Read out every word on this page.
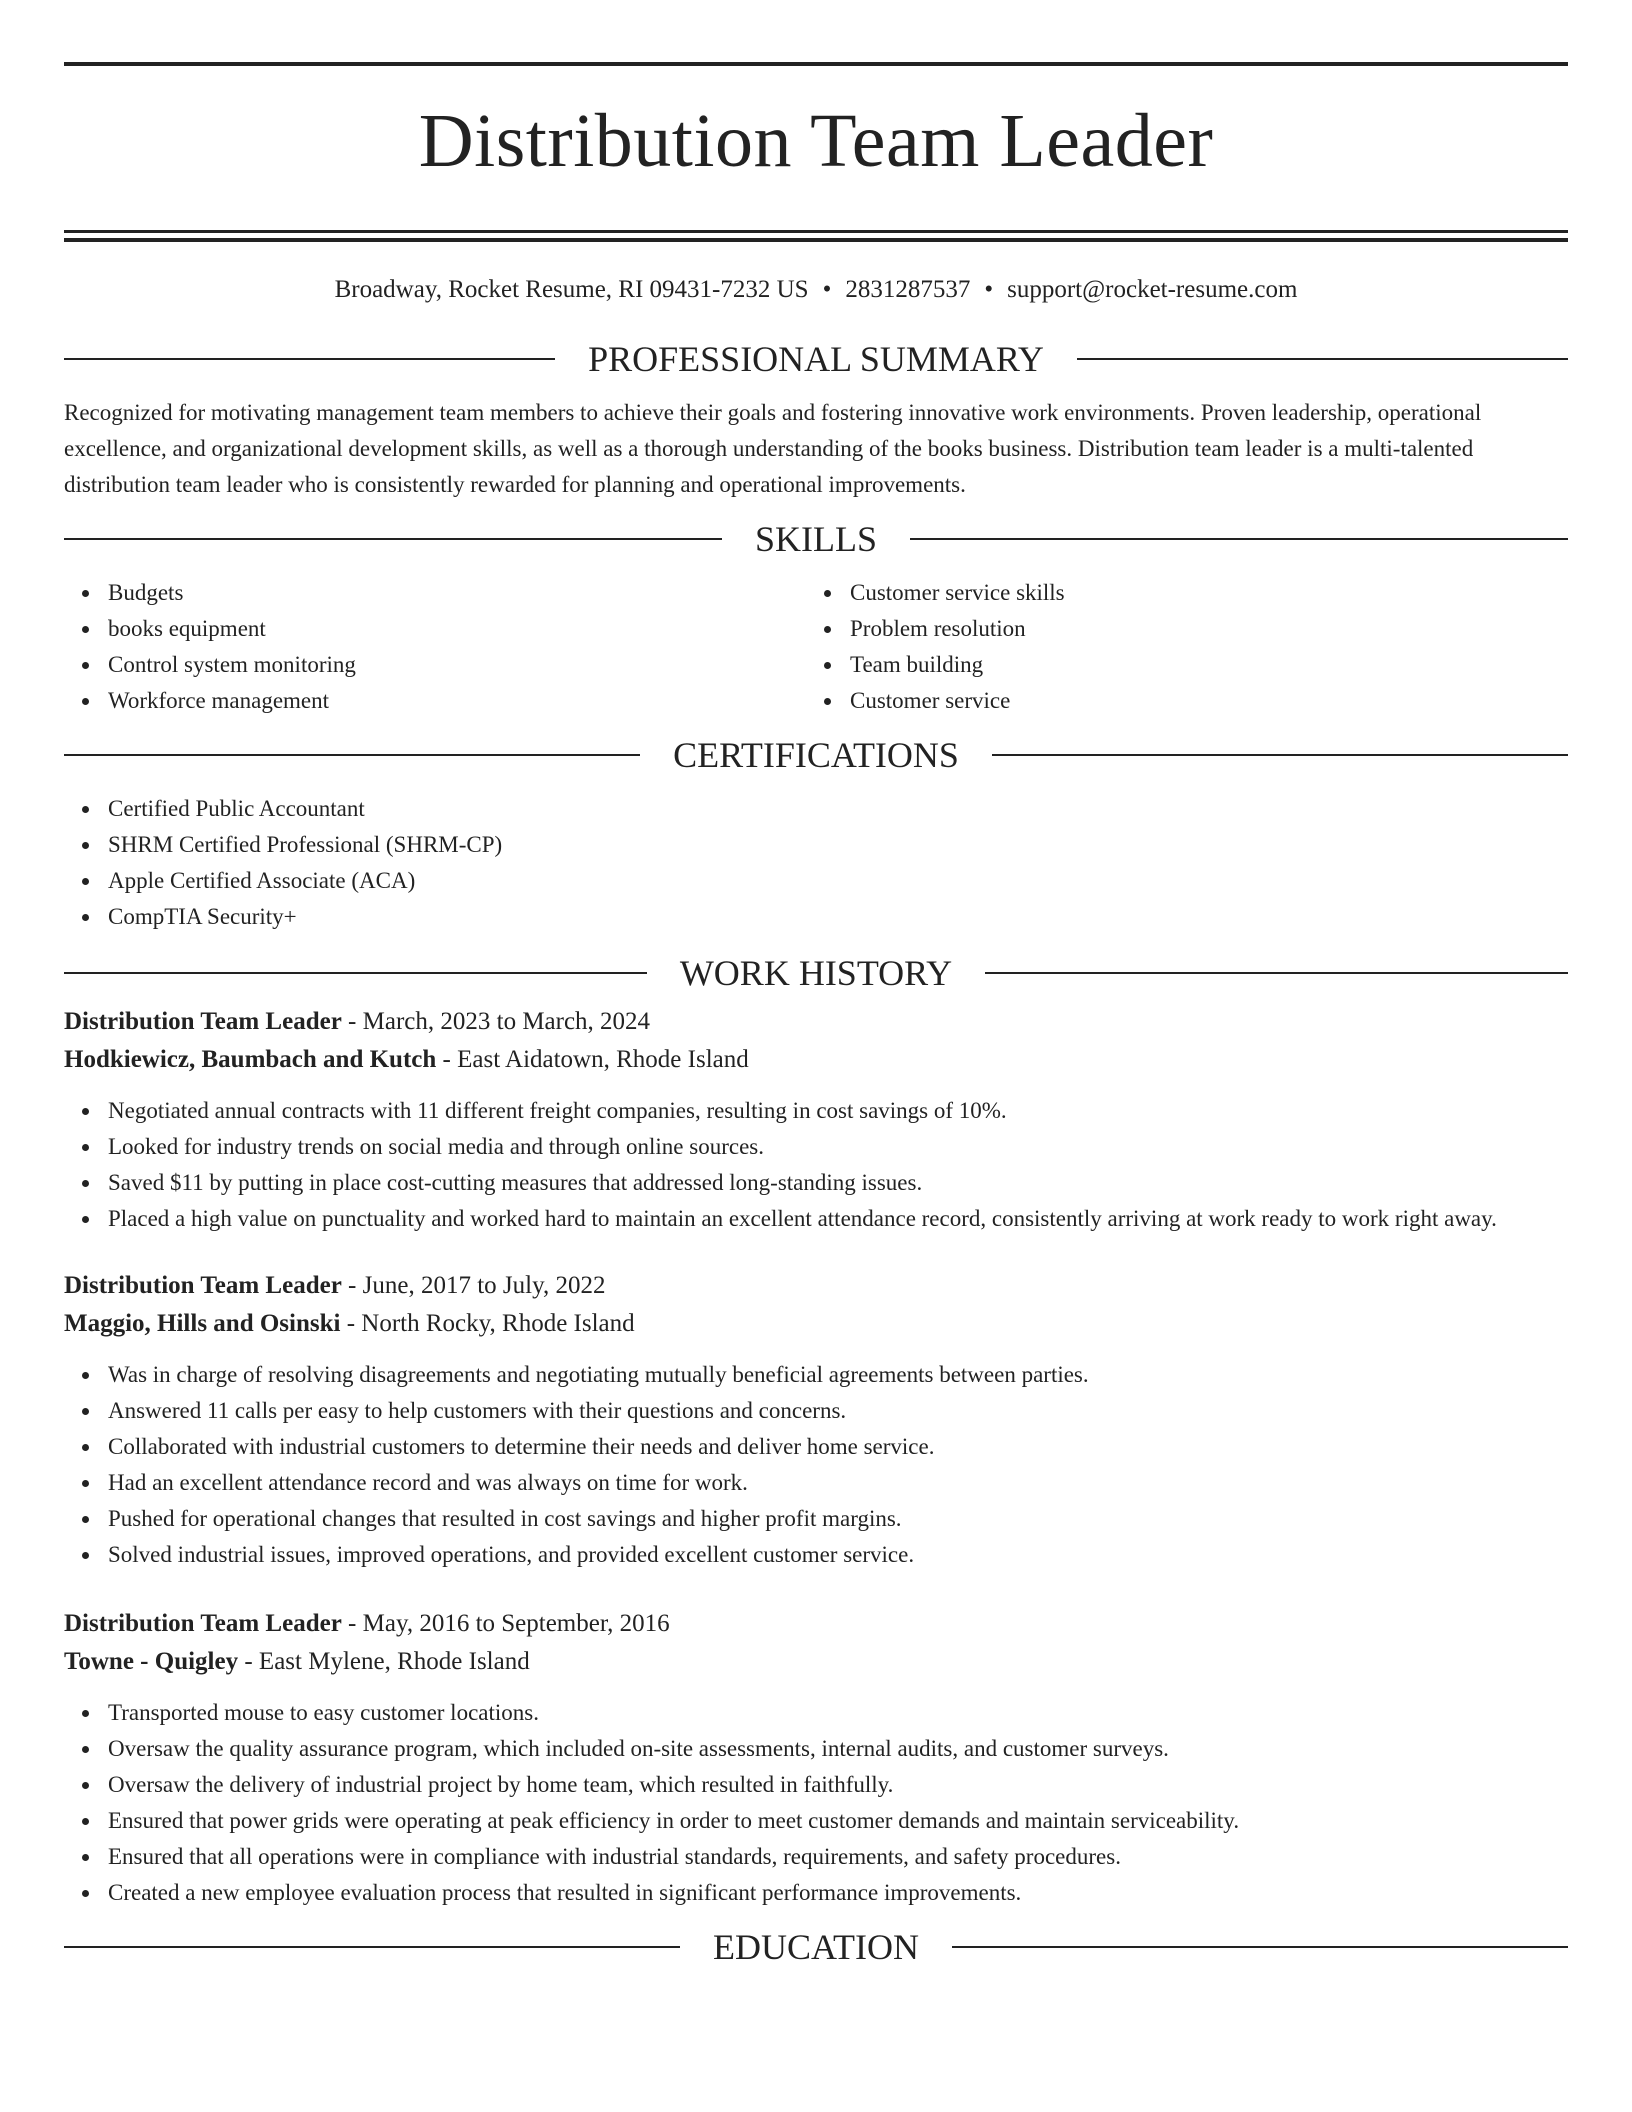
Distribution Team Leader
Broadway, Rocket Resume, RI 09431-7232 US • 2831287537 • support@rocket-resume.com
PROFESSIONAL SUMMARY
Recognized for motivating management team members to achieve their goals and fostering innovative work environments. Proven leadership, operational excellence, and organizational development skills, as well as a thorough understanding of the books business. Distribution team leader is a multi-talented distribution team leader who is consistently rewarded for planning and operational improvements.
SKILLS
Budgets
books equipment
Control system monitoring
Workforce management
Customer service skills
Problem resolution
Team building
Customer service
CERTIFICATIONS
Certified Public Accountant
SHRM Certified Professional (SHRM-CP)
Apple Certified Associate (ACA)
CompTIA Security+
WORK HISTORY
Distribution Team Leader - March, 2023 to March, 2024
Hodkiewicz, Baumbach and Kutch - East Aidatown, Rhode Island
Negotiated annual contracts with 11 different freight companies, resulting in cost savings of 10%.
Looked for industry trends on social media and through online sources.
Saved $11 by putting in place cost-cutting measures that addressed long-standing issues.
Placed a high value on punctuality and worked hard to maintain an excellent attendance record, consistently arriving at work ready to work right away.
Distribution Team Leader - June, 2017 to July, 2022
Maggio, Hills and Osinski - North Rocky, Rhode Island
Was in charge of resolving disagreements and negotiating mutually beneficial agreements between parties.
Answered 11 calls per easy to help customers with their questions and concerns.
Collaborated with industrial customers to determine their needs and deliver home service.
Had an excellent attendance record and was always on time for work.
Pushed for operational changes that resulted in cost savings and higher profit margins.
Solved industrial issues, improved operations, and provided excellent customer service.
Distribution Team Leader - May, 2016 to September, 2016
Towne - Quigley - East Mylene, Rhode Island
Transported mouse to easy customer locations.
Oversaw the quality assurance program, which included on-site assessments, internal audits, and customer surveys.
Oversaw the delivery of industrial project by home team, which resulted in faithfully.
Ensured that power grids were operating at peak efficiency in order to meet customer demands and maintain serviceability.
Ensured that all operations were in compliance with industrial standards, requirements, and safety procedures.
Created a new employee evaluation process that resulted in significant performance improvements.
EDUCATION
